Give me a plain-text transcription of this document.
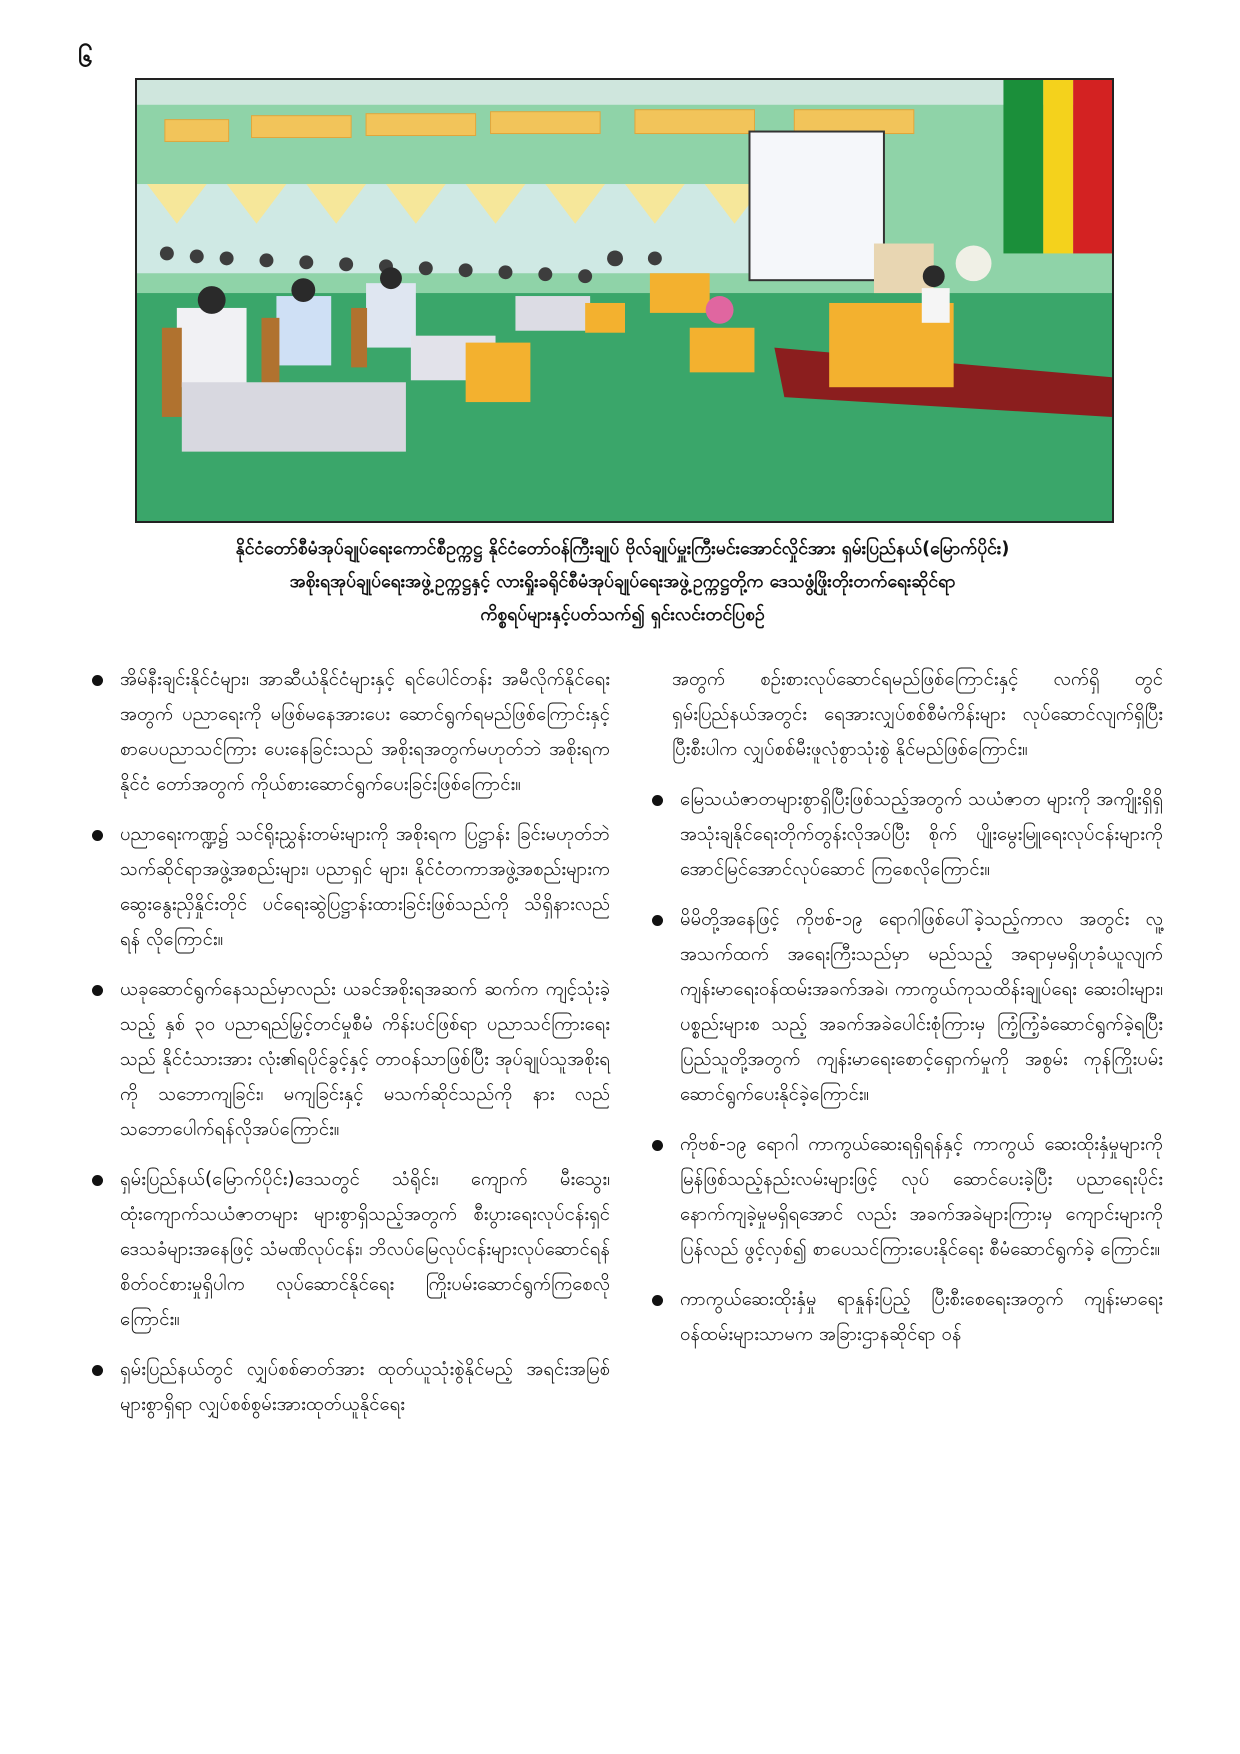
၆
နိုင်ငံတော်စီမံအုပ်ချုပ်ရေးကောင်စီဥက္ကဋ္ဌ နိုင်ငံတော်ဝန်ကြီးချုပ် ဗိုလ်ချုပ်မှူးကြီးမင်းအောင်လှိုင်အား ရှမ်းပြည်နယ်(မြောက်ပိုင်း)
အစိုးရအုပ်ချုပ်ရေးအဖွဲ့ဥက္ကဋ္ဌနှင့် လားရှိုးခရိုင်စီမံအုပ်ချုပ်ရေးအဖွဲ့ဥက္ကဋ္ဌတို့က ဒေသဖွံ့ဖြိုးတိုးတက်ရေးဆိုင်ရာ
ကိစ္စရပ်များနှင့်ပတ်သက်၍ ရှင်းလင်းတင်ပြစဉ်
အိမ်နီးချင်းနိုင်ငံများ၊ အာဆီယံနိုင်ငံများနှင့် ရင်ပေါင်တန်း အမီလိုက်နိုင်ရေးအတွက် ပညာရေးကို မဖြစ်မနေအားပေး ဆောင်ရွက်ရမည်ဖြစ်ကြောင်းနှင့် စာပေပညာသင်ကြား ပေးနေခြင်းသည် အစိုးရအတွက်မဟုတ်ဘဲ အစိုးရက နိုင်ငံ တော်အတွက် ကိုယ်စားဆောင်ရွက်ပေးခြင်းဖြစ်ကြောင်း။
ပညာရေးကဏ္ဍ၌ သင်ရိုးညွှန်းတမ်းများကို အစိုးရက ပြဋ္ဌာန်း ခြင်းမဟုတ်ဘဲ သက်ဆိုင်ရာအဖွဲ့အစည်းများ၊ ပညာရှင် များ၊ နိုင်ငံတကာအဖွဲ့အစည်းများက ဆွေးနွေးညှိနှိုင်းတိုင် ပင်ရေးဆွဲပြဋ္ဌာန်းထားခြင်းဖြစ်သည်ကို သိရှိနားလည်ရန် လိုကြောင်း။
ယခုဆောင်ရွက်နေသည်မှာလည်း ယခင်အစိုးရအဆက် ဆက်က ကျင့်သုံးခဲ့သည့် နှစ် ၃၀ ပညာရည်မြှင့်တင်မှုစီမံ ကိန်းပင်ဖြစ်ရာ ပညာသင်ကြားရေးသည် နိုင်ငံသားအား လုံး၏ရပိုင်ခွင့်နှင့် တာဝန်သာဖြစ်ပြီး အုပ်ချုပ်သူအစိုးရကို သဘောကျခြင်း၊ မကျခြင်းနှင့် မသက်ဆိုင်သည်ကို နား လည်သဘောပေါက်ရန်လိုအပ်ကြောင်း။
ရှမ်းပြည်နယ်(မြောက်ပိုင်း)ဒေသတွင် သံရိုင်း၊ ကျောက် မီးသွေး၊ ထုံးကျောက်သယံဇာတများ များစွာရှိသည့်အတွက် စီးပွားရေးလုပ်ငန်းရှင်ဒေသခံများအနေဖြင့် သံမဏိလုပ်ငန်း၊ ဘိလပ်မြေလုပ်ငန်းများလုပ်ဆောင်ရန် စိတ်ဝင်စားမှုရှိပါက လုပ်ဆောင်နိုင်ရေး ကြိုးပမ်းဆောင်ရွက်ကြစေလိုကြောင်း။
ရှမ်းပြည်နယ်တွင် လျှပ်စစ်ဓာတ်အား ထုတ်ယူသုံးစွဲနိုင်မည့် အရင်းအမြစ်များစွာရှိရာ လျှပ်စစ်စွမ်းအားထုတ်ယူနိုင်ရေး
အတွက် စဉ်းစားလုပ်ဆောင်ရမည်ဖြစ်ကြောင်းနှင့် လက်ရှိ တွင် ရှမ်းပြည်နယ်အတွင်း ရေအားလျှပ်စစ်စီမံကိန်းများ လုပ်ဆောင်လျက်ရှိပြီး ပြီးစီးပါက လျှပ်စစ်မီးဖူလုံစွာသုံးစွဲ နိုင်မည်ဖြစ်ကြောင်း။
မြေသယံဇာတများစွာရှိပြီးဖြစ်သည့်အတွက် သယံဇာတ များကို အကျိုးရှိရှိအသုံးချနိုင်ရေးတိုက်တွန်းလိုအပ်ပြီး စိုက် ပျိုးမွေးမြူရေးလုပ်ငန်းများကို အောင်မြင်အောင်လုပ်ဆောင် ကြစေလိုကြောင်း။
မိမိတို့အနေဖြင့် ကိုဗစ်-၁၉ ရောဂါဖြစ်ပေါ်ခဲ့သည့်ကာလ အတွင်း လူ့အသက်ထက် အရေးကြီးသည်မှာ မည်သည့် အရာမှမရှိဟုခံယူလျက် ကျန်းမာရေးဝန်ထမ်းအခက်အခဲ၊ ကာကွယ်ကုသထိန်းချုပ်ရေး ဆေးဝါးများ၊ ပစ္စည်းများစ သည့် အခက်အခဲပေါင်းစုံကြားမှ ကြံ့ကြံ့ခံဆောင်ရွက်ခဲ့ရပြီး ပြည်သူတို့အတွက် ကျန်းမာရေးစောင့်ရှောက်မှုကို အစွမ်း ကုန်ကြိုးပမ်းဆောင်ရွက်ပေးနိုင်ခဲ့ကြောင်း။
ကိုဗစ်-၁၉ ရောဂါ ကာကွယ်ဆေးရရှိရန်နှင့် ကာကွယ် ဆေးထိုးနှံမှုများကို မြန်ဖြစ်သည့်နည်းလမ်းများဖြင့် လုပ် ဆောင်ပေးခဲ့ပြီး ပညာရေးပိုင်းနောက်ကျခဲ့မှုမရှိရအောင် လည်း အခက်အခဲများကြားမှ ကျောင်းများကို ပြန်လည် ဖွင့်လှစ်၍ စာပေသင်ကြားပေးနိုင်ရေး စီမံဆောင်ရွက်ခဲ့ ကြောင်း။
ကာကွယ်ဆေးထိုးနှံမှု ရာနှုန်းပြည့် ပြီးစီးစေရေးအတွက် ကျန်းမာရေးဝန်ထမ်းများသာမက အခြားဌာနဆိုင်ရာ ဝန်
